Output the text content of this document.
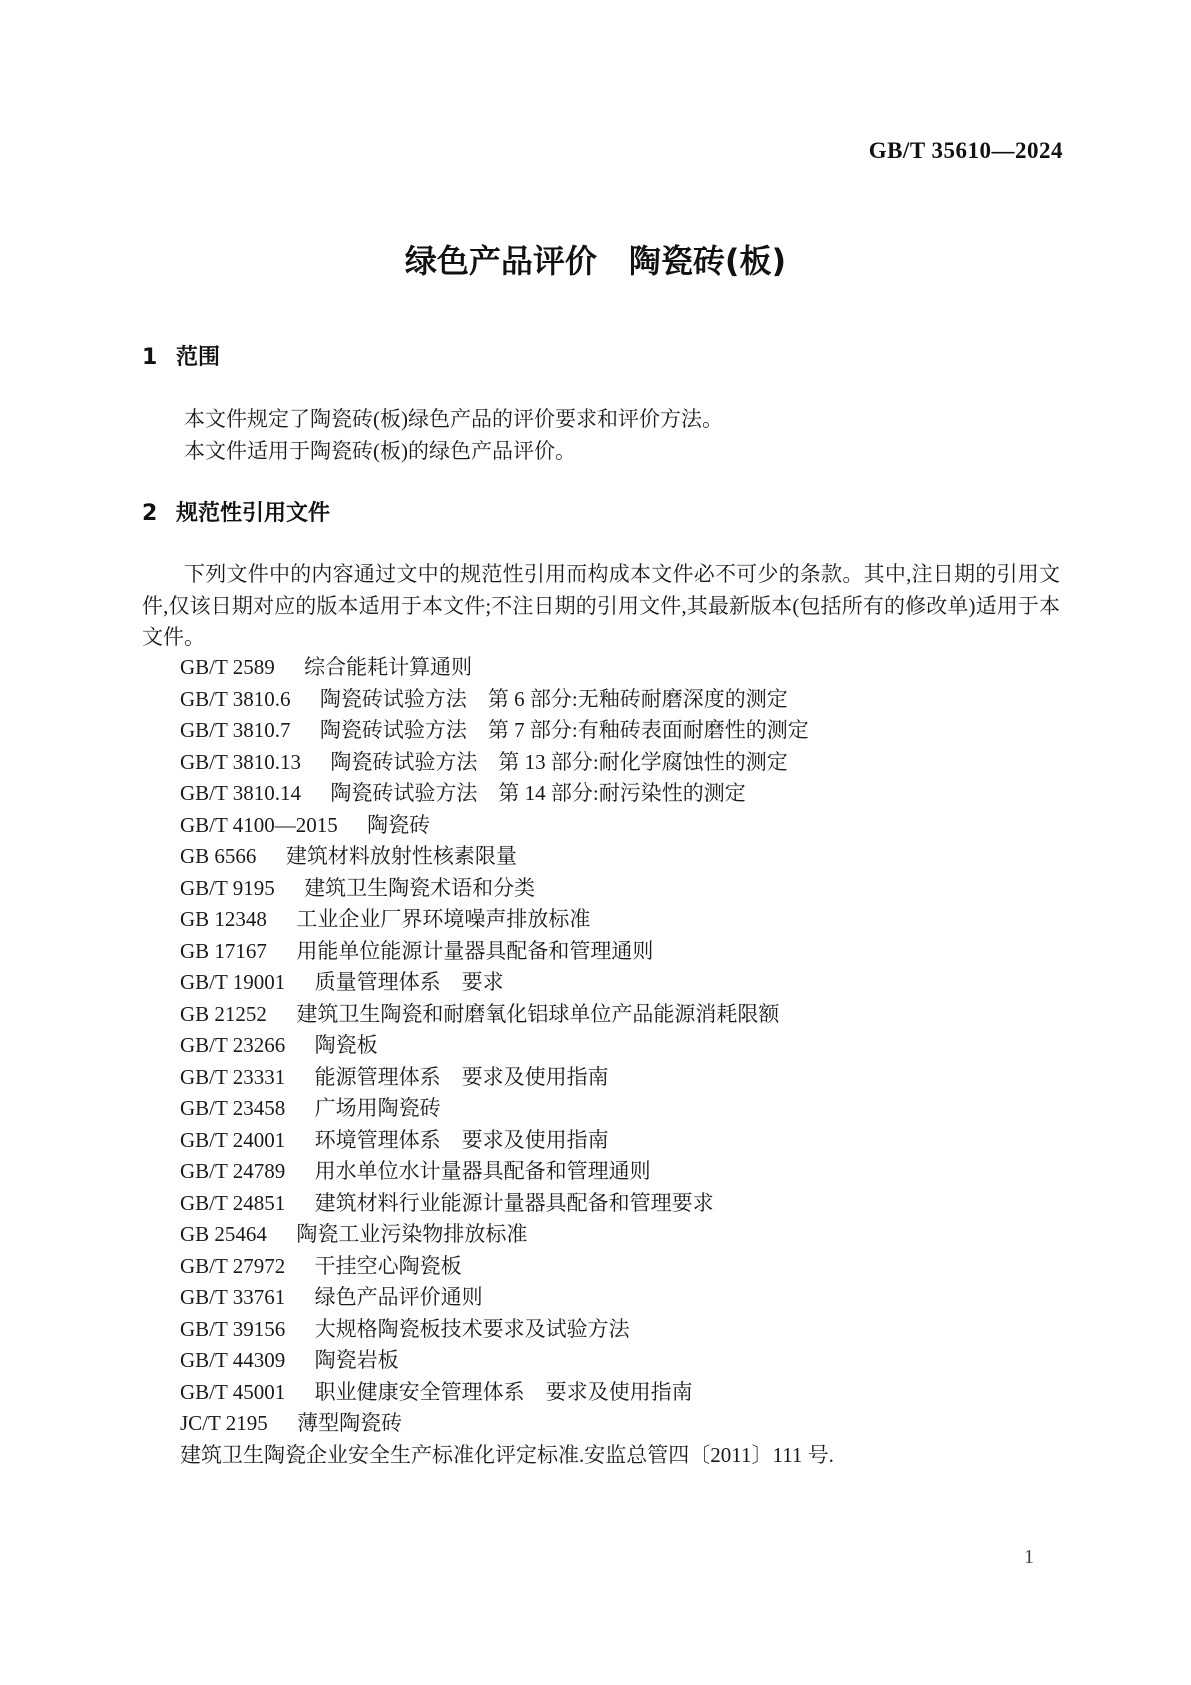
GB/T 35610—2024
绿色产品评价　陶瓷砖(板)
1 范围

本文件规定了陶瓷砖(板)绿色产品的评价要求和评价方法。

本文件适用于陶瓷砖(板)的绿色产品评价。

2 规范性引用文件

下列文件中的内容通过文中的规范性引用而构成本文件必不可少的条款。其中,注日期的引用文件,仅该日期对应的版本适用于本文件;不注日期的引用文件,其最新版本(包括所有的修改单)适用于本文件。

GB/T 2589 综合能耗计算通则
GB/T 3810.6 陶瓷砖试验方法　第 6 部分:无釉砖耐磨深度的测定
GB/T 3810.7 陶瓷砖试验方法　第 7 部分:有釉砖表面耐磨性的测定
GB/T 3810.13 陶瓷砖试验方法　第 13 部分:耐化学腐蚀性的测定
GB/T 3810.14 陶瓷砖试验方法　第 14 部分:耐污染性的测定
GB/T 4100—2015 陶瓷砖
GB 6566 建筑材料放射性核素限量
GB/T 9195 建筑卫生陶瓷术语和分类
GB 12348 工业企业厂界环境噪声排放标准
GB 17167 用能单位能源计量器具配备和管理通则
GB/T 19001 质量管理体系　要求
GB 21252 建筑卫生陶瓷和耐磨氧化铝球单位产品能源消耗限额
GB/T 23266 陶瓷板
GB/T 23331 能源管理体系　要求及使用指南
GB/T 23458 广场用陶瓷砖
GB/T 24001 环境管理体系　要求及使用指南
GB/T 24789 用水单位水计量器具配备和管理通则
GB/T 24851 建筑材料行业能源计量器具配备和管理要求
GB 25464 陶瓷工业污染物排放标准
GB/T 27972 干挂空心陶瓷板
GB/T 33761 绿色产品评价通则
GB/T 39156 大规格陶瓷板技术要求及试验方法
GB/T 44309 陶瓷岩板
GB/T 45001 职业健康安全管理体系　要求及使用指南
JC/T 2195 薄型陶瓷砖
建筑卫生陶瓷企业安全生产标准化评定标准.安监总管四〔2011〕111 号.
1
